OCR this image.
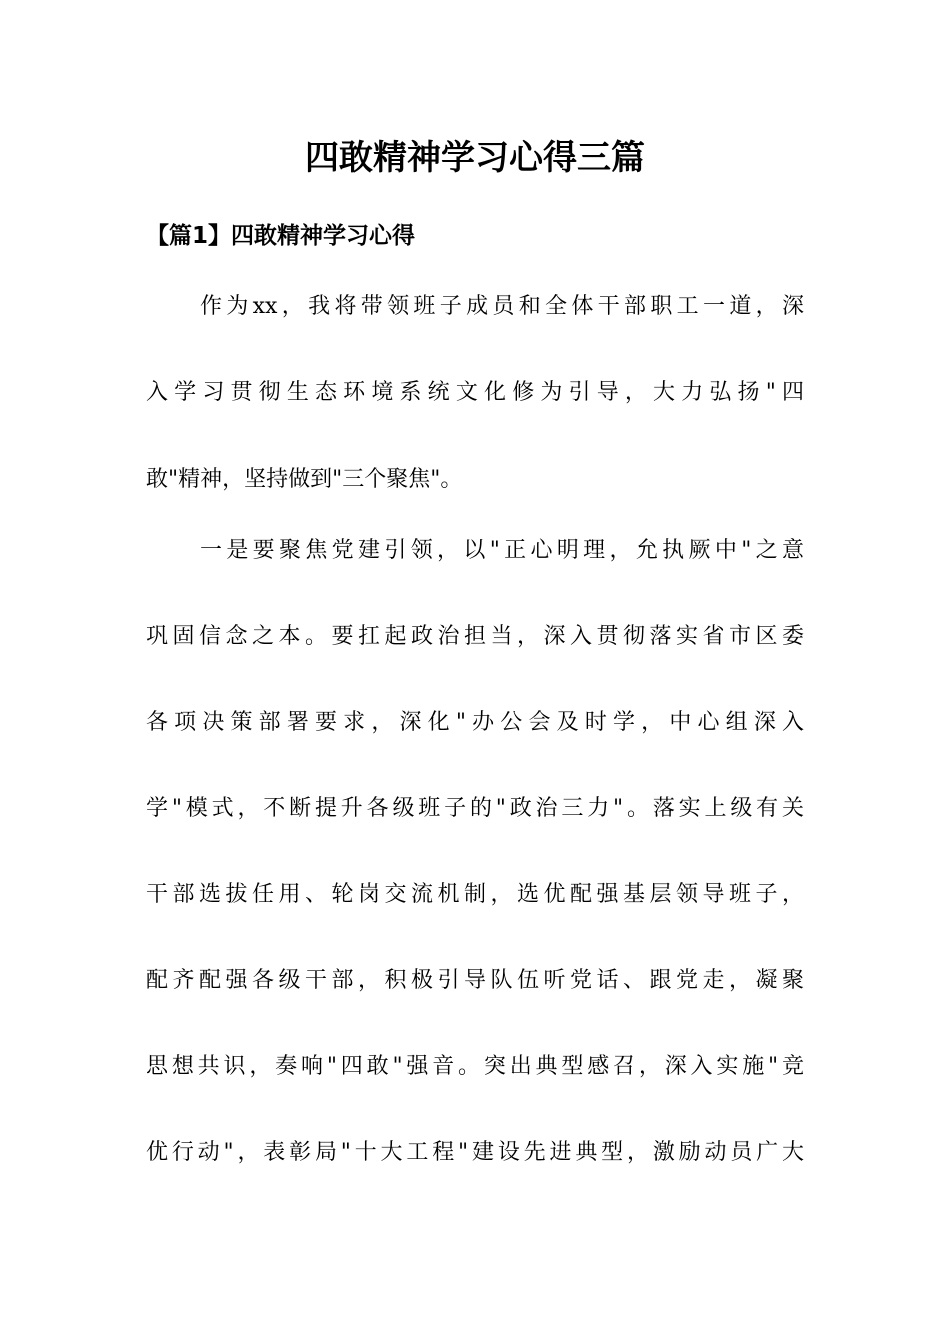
四敢精神学习心得三篇
【篇1】四敢精神学习心得
作为xx，我将带领班子成员和全体干部职工一道，深
入学习贯彻生态环境系统文化修为引导，大力弘扬"四
敢"精神，坚持做到"三个聚焦"。
一是要聚焦党建引领，以"正心明理，允执厥中"之意
巩固信念之本。要扛起政治担当，深入贯彻落实省市区委
各项决策部署要求，深化"办公会及时学，中心组深入
学"模式，不断提升各级班子的"政治三力"。落实上级有关
干部选拔任用、轮岗交流机制，选优配强基层领导班子，
配齐配强各级干部，积极引导队伍听党话、跟党走，凝聚
思想共识，奏响"四敢"强音。突出典型感召，深入实施"竞
优行动"，表彰局"十大工程"建设先进典型，激励动员广大
